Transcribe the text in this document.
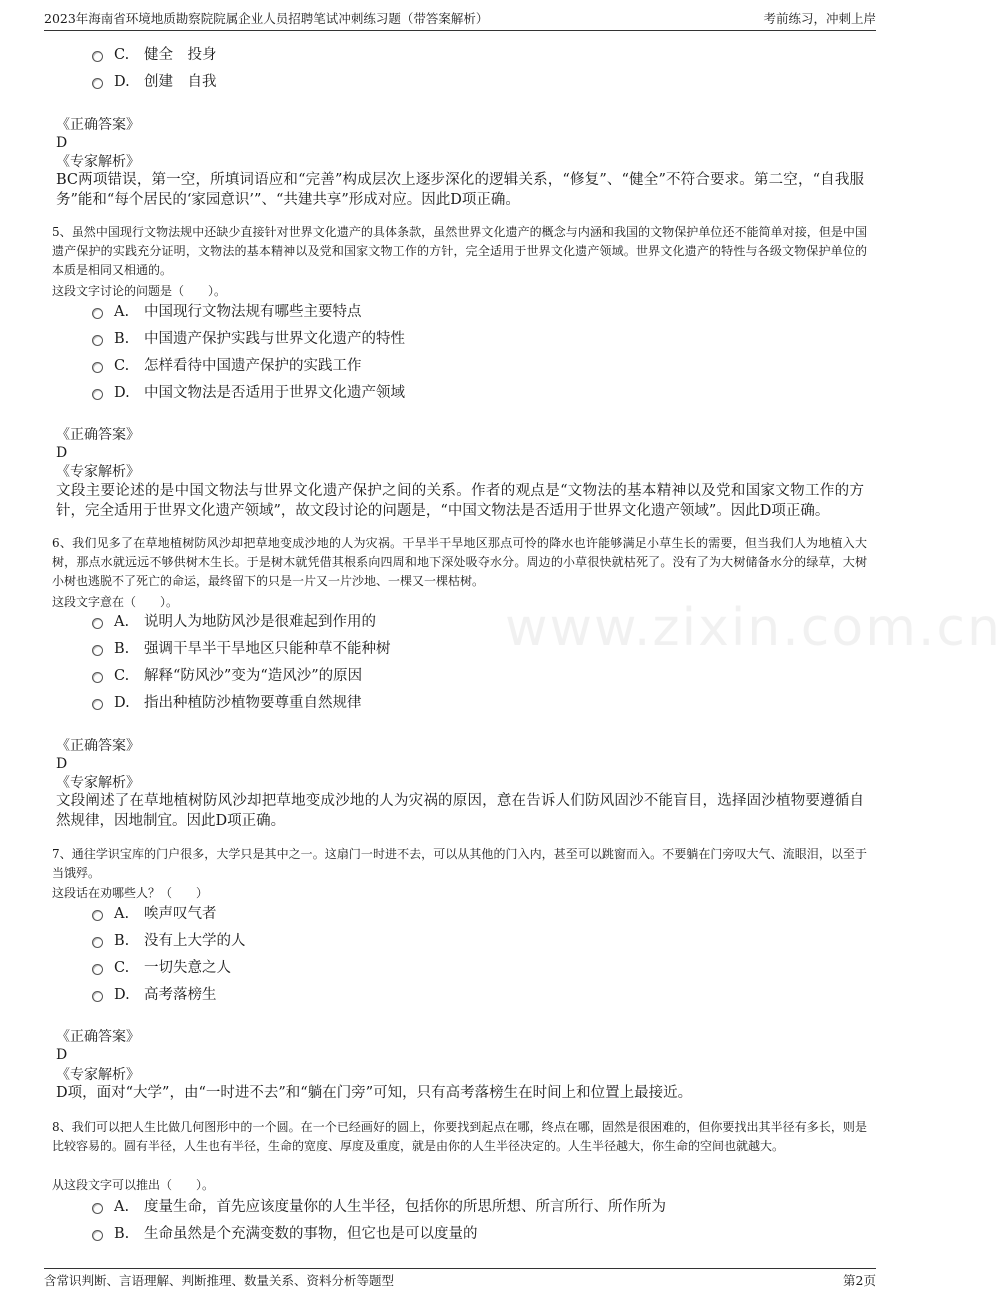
2023年海南省环境地质勘察院院属企业人员招聘笔试冲刺练习题（带答案解析）	考前练习，冲刺上岸
www.zixin.com.cn
C. 健全　投身
D. 创建　自我
《正确答案》
D
《专家解析》
BC两项错误，第一空，所填词语应和“完善”构成层次上逐步深化的逻辑关系，“修复”、“健全”不符合要求。第二空，“自我服务”能和“每个居民的‘家园意识’”、“共建共享”形成对应。因此D项正确。
5、虽然中国现行文物法规中还缺少直接针对世界文化遗产的具体条款，虽然世界文化遗产的概念与内涵和我国的文物保护单位还不能简单对接，但是中国遗产保护的实践充分证明，文物法的基本精神以及党和国家文物工作的方针，完全适用于世界文化遗产领域。世界文化遗产的特性与各级文物保护单位的本质是相同又相通的。
这段文字讨论的问题是（　　）。
A. 中国现行文物法规有哪些主要特点
B. 中国遗产保护实践与世界文化遗产的特性
C. 怎样看待中国遗产保护的实践工作
D. 中国文物法是否适用于世界文化遗产领域
《正确答案》
D
《专家解析》
文段主要论述的是中国文物法与世界文化遗产保护之间的关系。作者的观点是“文物法的基本精神以及党和国家文物工作的方针，完全适用于世界文化遗产领域”，故文段讨论的问题是，“中国文物法是否适用于世界文化遗产领域”。因此D项正确。
6、我们见多了在草地植树防风沙却把草地变成沙地的人为灾祸。干旱半干旱地区那点可怜的降水也许能够满足小草生长的需要，但当我们人为地植入大树，那点水就远远不够供树木生长。于是树木就凭借其根系向四周和地下深处吸夺水分。周边的小草很快就枯死了。没有了为大树储备水分的绿草，大树小树也逃脱不了死亡的命运，最终留下的只是一片又一片沙地、一棵又一棵枯树。
这段文字意在（　　）。
A. 说明人为地防风沙是很难起到作用的
B. 强调干旱半干旱地区只能种草不能种树
C. 解释“防风沙”变为“造风沙”的原因
D. 指出种植防沙植物要尊重自然规律
《正确答案》
D
《专家解析》
文段阐述了在草地植树防风沙却把草地变成沙地的人为灾祸的原因，意在告诉人们防风固沙不能盲目，选择固沙植物要遵循自然规律，因地制宜。因此D项正确。
7、通往学识宝库的门户很多，大学只是其中之一。这扇门一时进不去，可以从其他的门入内，甚至可以跳窗而入。不要躺在门旁叹大气、流眼泪，以至于当饿殍。
这段话在劝哪些人？（　　）
A. 唉声叹气者
B. 没有上大学的人
C. 一切失意之人
D. 高考落榜生
《正确答案》
D
《专家解析》
D项，面对“大学”，由“一时进不去”和“躺在门旁”可知，只有高考落榜生在时间上和位置上最接近。
8、我们可以把人生比做几何图形中的一个圆。在一个已经画好的圆上，你要找到起点在哪，终点在哪，固然是很困难的，但你要找出其半径有多长，则是比较容易的。圆有半径，人生也有半径，生命的宽度、厚度及重度，就是由你的人生半径决定的。人生半径越大，你生命的空间也就越大。
从这段文字可以推出（　　）。
A. 度量生命，首先应该度量你的人生半径，包括你的所思所想、所言所行、所作所为
B. 生命虽然是个充满变数的事物，但它也是可以度量的
含常识判断、言语理解、判断推理、数量关系、资料分析等题型	第2页
